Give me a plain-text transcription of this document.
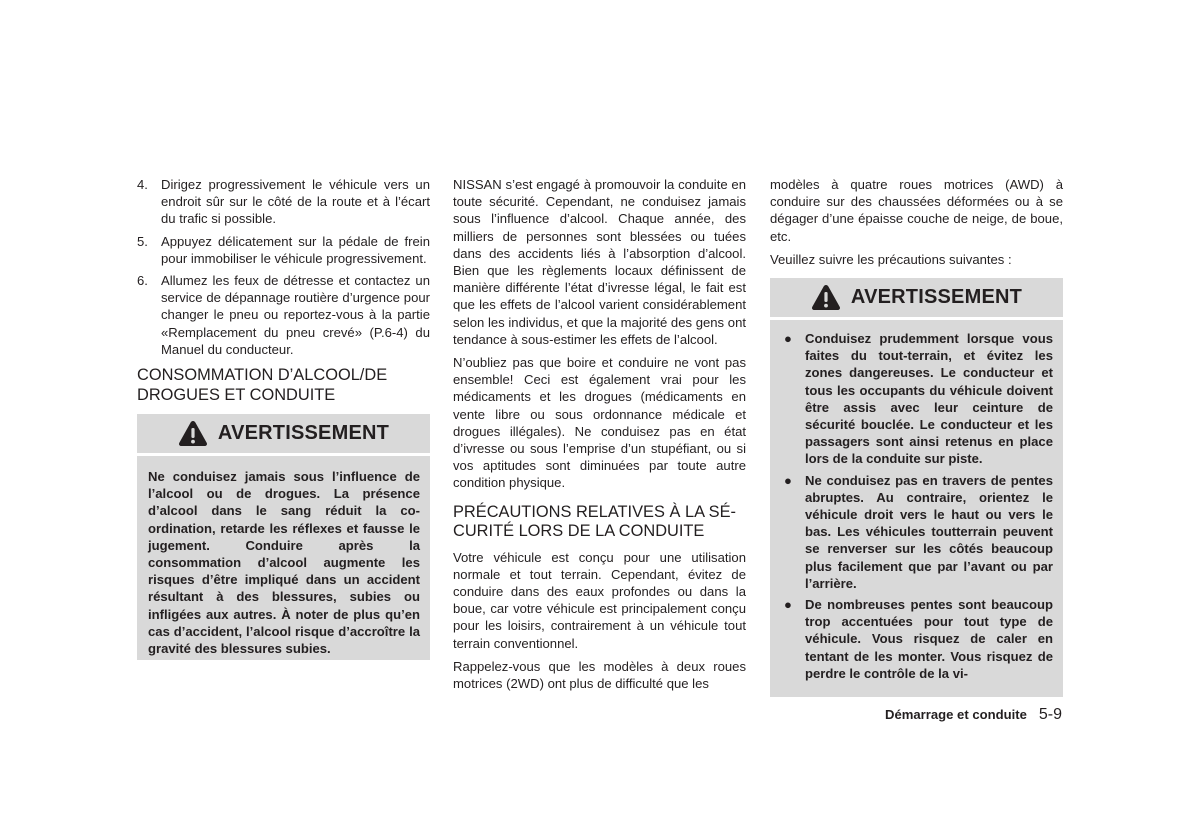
4. Dirigez progressivement le véhicule vers un endroit sûr sur le côté de la route et à l’écart du trafic si possible.
5. Appuyez délicatement sur la pédale de frein pour immobiliser le véhicule progressivement.
6. Allumez les feux de détresse et contactez un service de dépannage routière d’urgence pour changer le pneu ou reportez-vous à la partie «Remplacement du pneu crevé» (P.6-4) du Manuel du conducteur.
CONSOMMATION D’ALCOOL/DE DROGUES ET CONDUITE
AVERTISSEMENT

Ne conduisez jamais sous l’influence de l’alcool ou de drogues. La présence d’alcool dans le sang réduit la coordination, retarde les réflexes et fausse le jugement. Conduire après la consommation d’alcool augmente les risques d’être impliqué dans un accident résultant à des blessures, subies ou infligées aux autres. À noter de plus qu’en cas d’accident, l’alcool risque d’accroître la gravité des blessures subies.

NISSAN s’est engagé à promouvoir la conduite en toute sécurité. Cependant, ne conduisez jamais sous l’influence d’alcool. Chaque année, des milliers de personnes sont blessées ou tuées dans des accidents liés à l’absorption d’alcool. Bien que les règlements locaux définissent de manière différente l’état d’ivresse légal, le fait est que les effets de l’alcool varient considérablement selon les individus, et que la majorité des gens ont tendance à sous-estimer les effets de l’alcool.

N’oubliez pas que boire et conduire ne vont pas ensemble! Ceci est également vrai pour les médicaments et les drogues (médicaments en vente libre ou sous ordonnance médicale et drogues illégales). Ne conduisez pas en état d’ivresse ou sous l’emprise d’un stupéfiant, ou si vos aptitudes sont diminuées par toute autre condition physique.

PRÉCAUTIONS RELATIVES À LA SÉCURITÉ LORS DE LA CONDUITE

Votre véhicule est conçu pour une utilisation normale et tout terrain. Cependant, évitez de conduire dans des eaux profondes ou dans la boue, car votre véhicule est principalement conçu pour les loisirs, contrairement à un véhicule tout terrain conventionnel.

Rappelez-vous que les modèles à deux roues motrices (2WD) ont plus de difficulté que les

modèles à quatre roues motrices (AWD) à conduire sur des chaussées déformées ou à se dégager d’une épaisse couche de neige, de boue, etc.

Veuillez suivre les précautions suivantes :

AVERTISSEMENT
● Conduisez prudemment lorsque vous faites du tout-terrain, et évitez les zones dangereuses. Le conducteur et tous les occupants du véhicule doivent être assis avec leur ceinture de sécurité bouclée. Le conducteur et les passagers sont ainsi retenus en place lors de la conduite sur piste.
● Ne conduisez pas en travers de pentes abruptes. Au contraire, orientez le véhicule droit vers le haut ou vers le bas. Les véhicules toutterrain peuvent se renverser sur les côtés beaucoup plus facilement que par l’avant ou par l’arrière.
● De nombreuses pentes sont beaucoup trop accentuées pour tout type de véhicule. Vous risquez de caler en tentant de les monter. Vous risquez de perdre le contrôle de la vi-
Démarrage et conduite 5-9
